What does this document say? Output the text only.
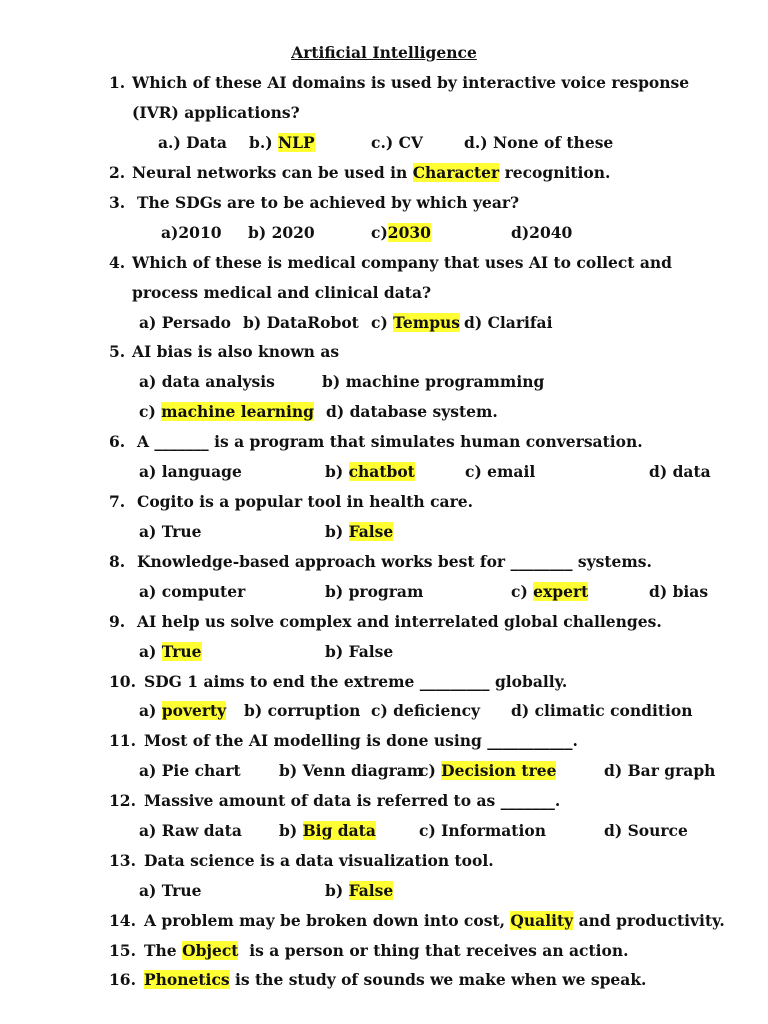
Artificial Intelligence
1. Which of these AI domains is used by interactive voice response
(IVR) applications?
a.) Data b.) NLP	c.) CV	d.) None of these
2. Neural networks can be used in Character recognition.
3. The SDGs are to be achieved by which year?
a)2010 b) 2020	c)2030	d)2040
4. Which of these is medical company that uses AI to collect and
process medical and clinical data?
a) Persado b) DataRobot c) Tempus d) Clarifai
5. AI bias is also known as
a) data analysis	b) machine programming
c) machine learning d) database system.
6. A _______ is a program that simulates human conversation.
a) language	b) chatbot	c) email	d) data
7. Cogito is a popular tool in health care.
a) True	b) False
8. Knowledge-based approach works best for ________ systems.
a) computer	b) program	c) expert	d) bias
9. AI help us solve complex and interrelated global challenges.
a) True	b) False
10. SDG 1 aims to end the extreme _________ globally.
a) poverty b) corruption c) deficiency d) climatic condition
11. Most of the AI modelling is done using ___________.
a) Pie chart b) Venn diagram
c) Decision tree	d) Bar graph
12. Massive amount of data is referred to as _______.
a) Raw data b) Big data	c) Information	d) Source
13. Data science is a data visualization tool.
a) True	b) False
14. A problem may be broken down into cost, Quality and productivity.
15. The Object  is a person or thing that receives an action.
16. Phonetics is the study of sounds we make when we speak.
